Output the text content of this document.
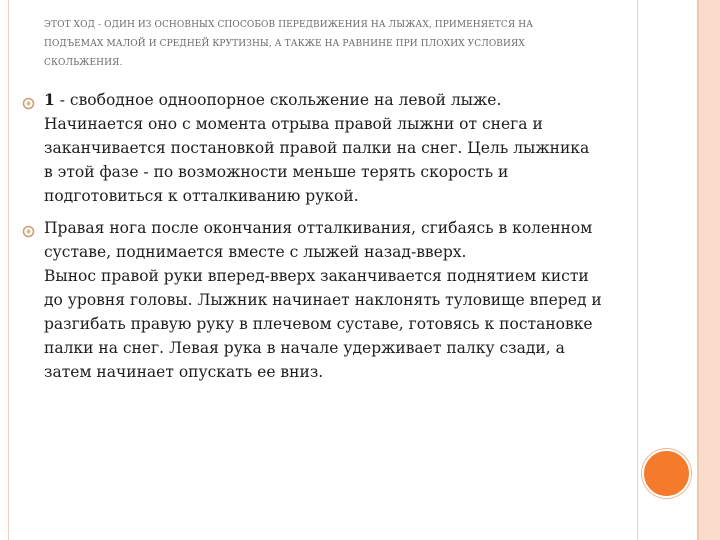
ЭТОТ ХОД - ОДИН ИЗ ОСНОВНЫХ СПОСОБОВ ПЕРЕДВИЖЕНИЯ НА ЛЫЖАХ, ПРИМЕНЯЕТСЯ НА ПОДЪЕМАХ МАЛОЙ И СРЕДНЕЙ КРУТИЗНЫ, А ТАКЖЕ НА РАВНИНЕ ПРИ ПЛОХИХ УСЛОВИЯХ СКОЛЬЖЕНИЯ.
1 - свободное одноопорное скольжение на левой лыже.
Начинается оно с момента отрыва правой лыжни от снега и заканчивается постановкой правой палки на снег. Цель лыжника в этой фазе - по возможности меньше терять скорость и подготовиться к отталкиванию рукой.
Правая нога после окончания отталкивания, сгибаясь в коленном суставе, поднимается вместе с лыжей назад-вверх.
Вынос правой руки вперед-вверх заканчивается поднятием кисти до уровня головы. Лыжник начинает наклонять туловище вперед и разгибать правую руку в плечевом суставе, готовясь к постановке палки на снег. Левая рука в начале удерживает палку сзади, а затем начинает опускать ее вниз.
